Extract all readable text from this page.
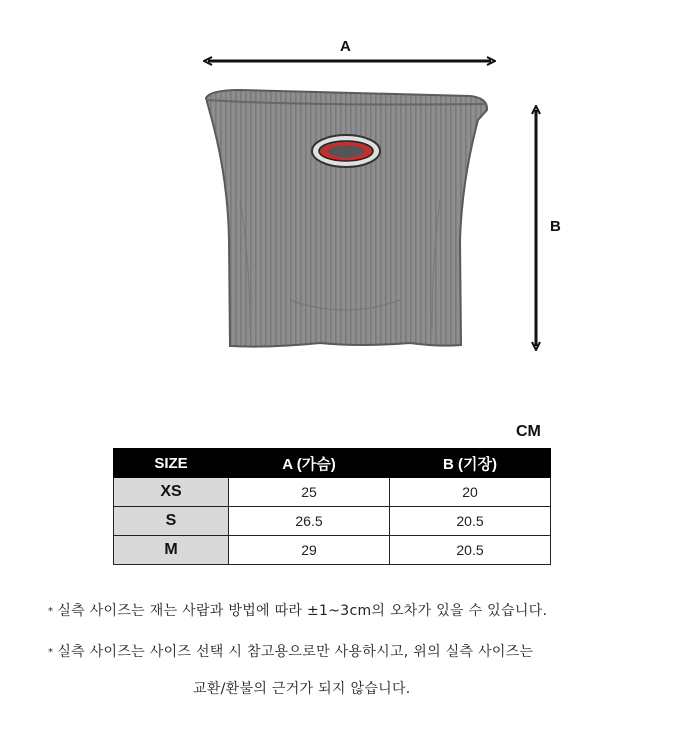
A
B
CM
SIZE	A (가슴)	B (기장)
XS	25	20
S	26.5	20.5
M	29	20.5
* 실측 사이즈는 재는 사람과 방법에 따라 ±1~3cm의 오차가 있을 수 있습니다.
* 실측 사이즈는 사이즈 선택 시 참고용으로만 사용하시고, 위의 실측 사이즈는
교환/환불의 근거가 되지 않습니다.
